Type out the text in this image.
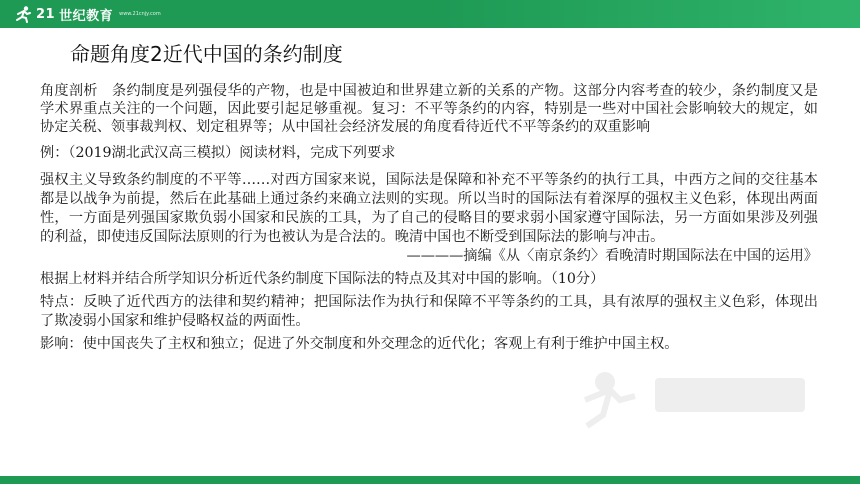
21 世纪教育 www.21cnjy.com
命题角度2近代中国的条约制度

角度剖析　条约制度是列强侵华的产物，也是中国被迫和世界建立新的关系的产物。这部分内容考查的较少，条约制度又是学术界重点关注的一个问题，因此要引起足够重视。复习：不平等条约的内容，特别是一些对中国社会影响较大的规定，如协定关税、领事裁判权、划定租界等；从中国社会经济发展的角度看待近代不平等条约的双重影响

例：（2019湖北武汉高三模拟）阅读材料，完成下列要求

强权主义导致条约制度的不平等……对西方国家来说，国际法是保障和补充不平等条约的执行工具，中西方之间的交往基本都是以战争为前提，然后在此基础上通过条约来确立法则的实现。所以当时的国际法有着深厚的强权主义色彩，体现出两面性，一方面是列强国家欺负弱小国家和民族的工具，为了自己的侵略目的要求弱小国家遵守国际法，另一方面如果涉及列强的利益，即使违反国际法原则的行为也被认为是合法的。晚清中国也不断受到国际法的影响与冲击。

————摘编《从〈南京条约〉看晚清时期国际法在中国的运用》

根据上材料并结合所学知识分析近代条约制度下国际法的特点及其对中国的影响。（10分）

特点：反映了近代西方的法律和契约精神；把国际法作为执行和保障不平等条约的工具，具有浓厚的强权主义色彩，体现出了欺凌弱小国家和维护侵略权益的两面性。

影响：使中国丧失了主权和独立；促进了外交制度和外交理念的近代化；客观上有利于维护中国主权。
